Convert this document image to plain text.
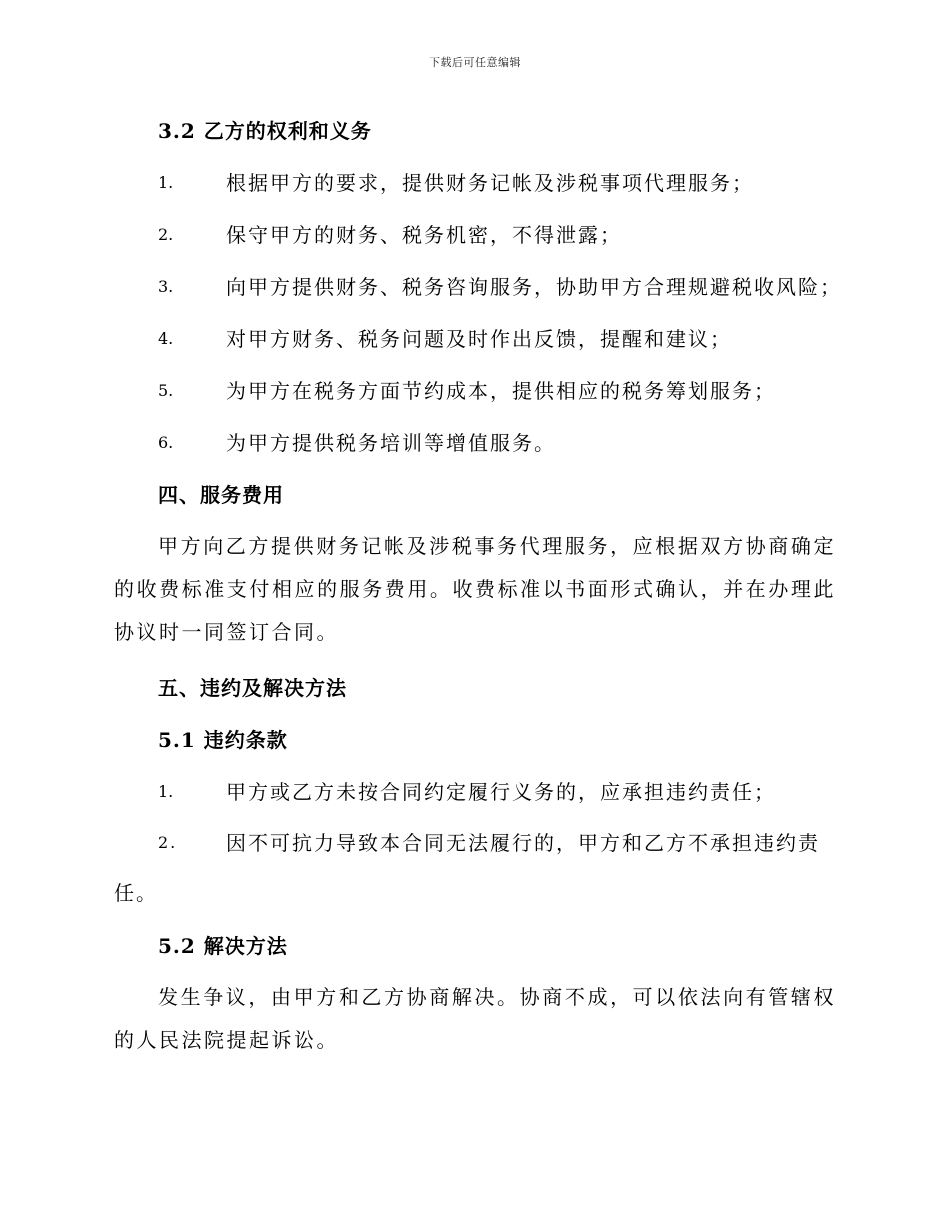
下载后可任意编辑
3.2 乙方的权利和义务
1.	根据甲方的要求，提供财务记帐及涉税事项代理服务；
2.	保守甲方的财务、税务机密，不得泄露；
3.	向甲方提供财务、税务咨询服务，协助甲方合理规避税收风险；
4.	对甲方财务、税务问题及时作出反馈，提醒和建议；
5.	为甲方在税务方面节约成本，提供相应的税务筹划服务；
6.	为甲方提供税务培训等增值服务。
四、服务费用
甲方向乙方提供财务记帐及涉税事务代理服务，应根据双方协商确定的收费标准支付相应的服务费用。收费标准以书面形式确认，并在办理此协议时一同签订合同。
五、违约及解决方法
5.1 违约条款
1.	甲方或乙方未按合同约定履行义务的，应承担违约责任；
2.	因不可抗力导致本合同无法履行的，甲方和乙方不承担违约责任。
5.2 解决方法
发生争议，由甲方和乙方协商解决。协商不成，可以依法向有管辖权的人民法院提起诉讼。
